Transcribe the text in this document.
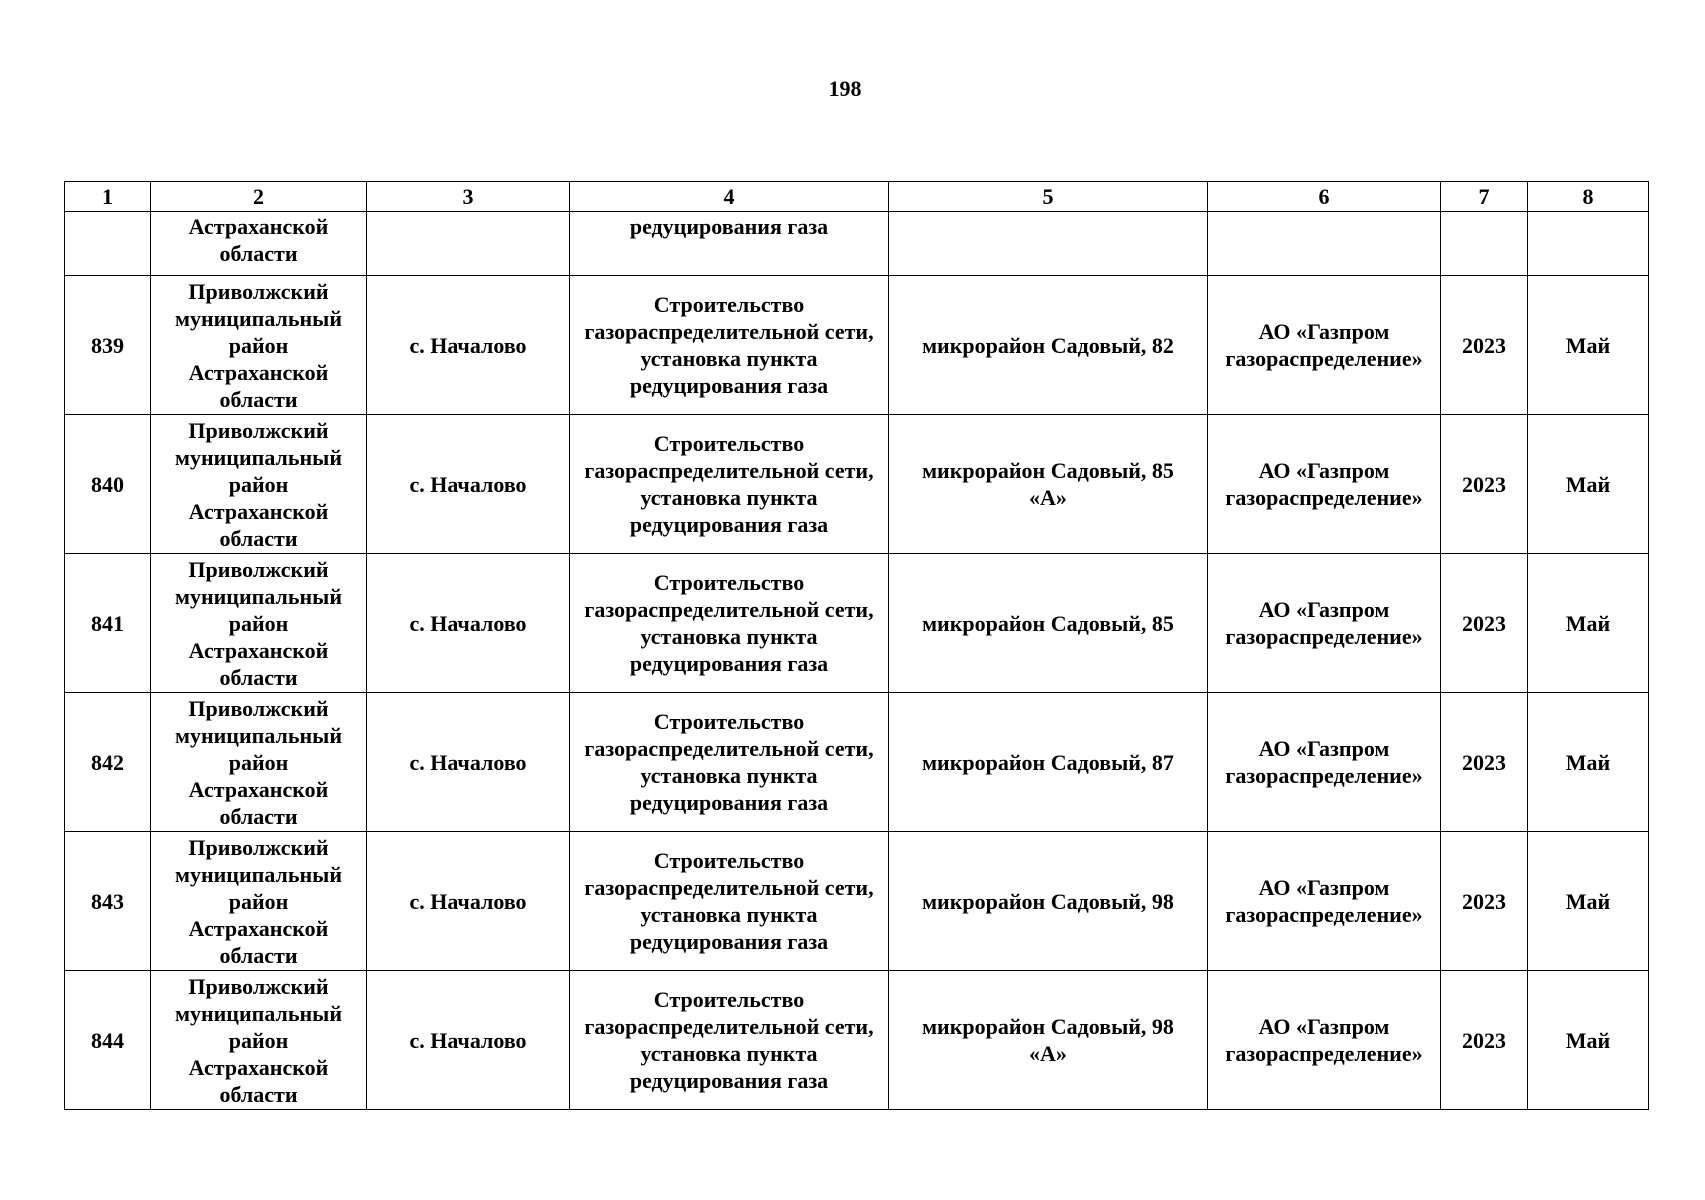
198
1	2	3	4	5	6	7	8
	Астраханской
области		редуцирования газа				
839	Приволжский
муниципальный
район
Астраханской
области	с. Началово	Строительство
газораспределительной сети,
установка пункта
редуцирования газа	микрорайон Садовый, 82	АО «Газпром
газораспределение»	2023	Май
840	Приволжский
муниципальный
район
Астраханской
области	с. Началово	Строительство
газораспределительной сети,
установка пункта
редуцирования газа	микрорайон Садовый, 85
«А»	АО «Газпром
газораспределение»	2023	Май
841	Приволжский
муниципальный
район
Астраханской
области	с. Началово	Строительство
газораспределительной сети,
установка пункта
редуцирования газа	микрорайон Садовый, 85	АО «Газпром
газораспределение»	2023	Май
842	Приволжский
муниципальный
район
Астраханской
области	с. Началово	Строительство
газораспределительной сети,
установка пункта
редуцирования газа	микрорайон Садовый, 87	АО «Газпром
газораспределение»	2023	Май
843	Приволжский
муниципальный
район
Астраханской
области	с. Началово	Строительство
газораспределительной сети,
установка пункта
редуцирования газа	микрорайон Садовый, 98	АО «Газпром
газораспределение»	2023	Май
844	Приволжский
муниципальный
район
Астраханской
области	с. Началово	Строительство
газораспределительной сети,
установка пункта
редуцирования газа	микрорайон Садовый, 98
«А»	АО «Газпром
газораспределение»	2023	Май
